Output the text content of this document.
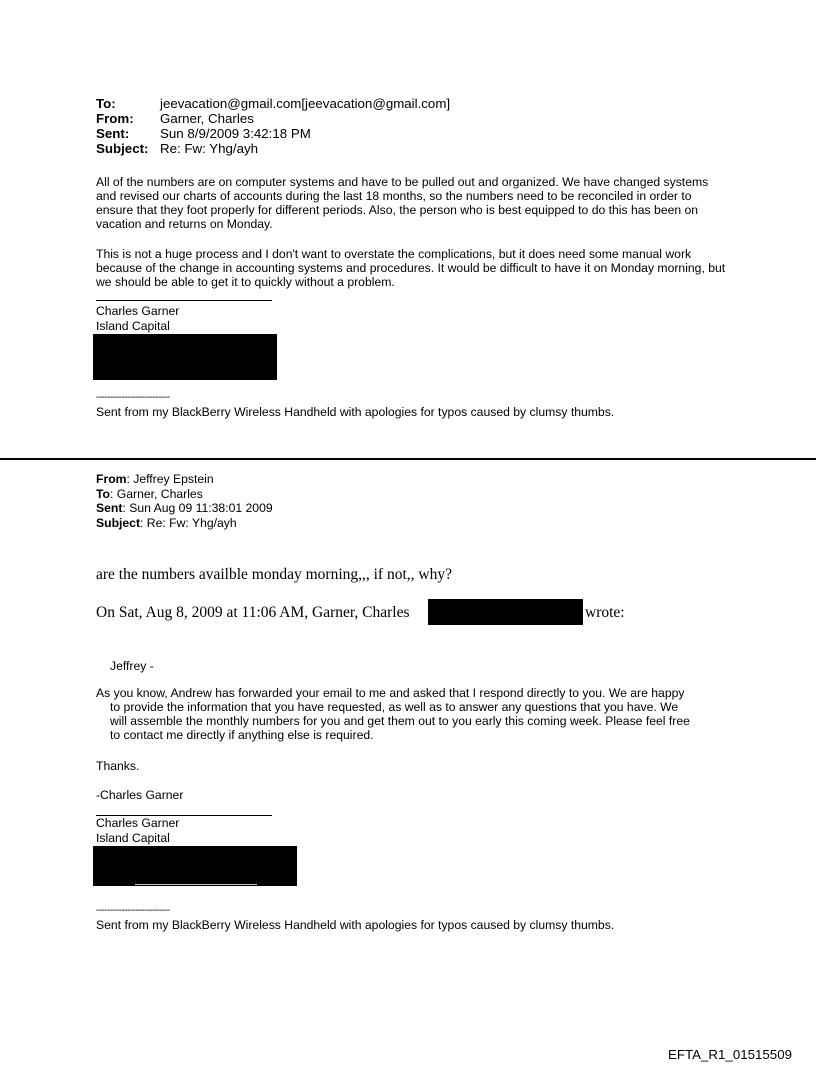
To:	jeevacation@gmail.com[jeevacation@gmail.com]
From:	Garner, Charles
Sent:	Sun 8/9/2009 3:42:18 PM
Subject: Re: Fw: Yhg/ayh
All of the numbers are on computer systems and have to be pulled out and organized. We have changed systems and revised our charts of accounts during the last 18 months, so the numbers need to be reconciled in order to ensure that they foot properly for different periods. Also, the person who is best equipped to do this has been on vacation and returns on Monday.
This is not a huge process and I don't want to overstate the complications, but it does need some manual work because of the change in accounting systems and procedures. It would be difficult to have it on Monday morning, but we should be able to get it to quickly without a problem.
Charles Garner
Island Capital
--------------------------
Sent from my BlackBerry Wireless Handheld with apologies for typos caused by clumsy thumbs.
From: Jeffrey Epstein
To: Garner, Charles
Sent: Sun Aug 09 11:38:01 2009
Subject: Re: Fw: Yhg/ayh
are the numbers availble monday morning,,, if not,, why?
On Sat, Aug 8, 2009 at 11:06 AM, Garner, Charles	wrote:
Jeffrey -
As you know, Andrew has forwarded your email to me and asked that I respond directly to you. We are happy
to provide the information that you have requested, as well as to answer any questions that you have. We
will assemble the monthly numbers for you and get them out to you early this coming week. Please feel free
to contact me directly if anything else is required.
Thanks.
-Charles Garner
Charles Garner
Island Capital
--------------------------
Sent from my BlackBerry Wireless Handheld with apologies for typos caused by clumsy thumbs.
EFTA_R1_01515509
